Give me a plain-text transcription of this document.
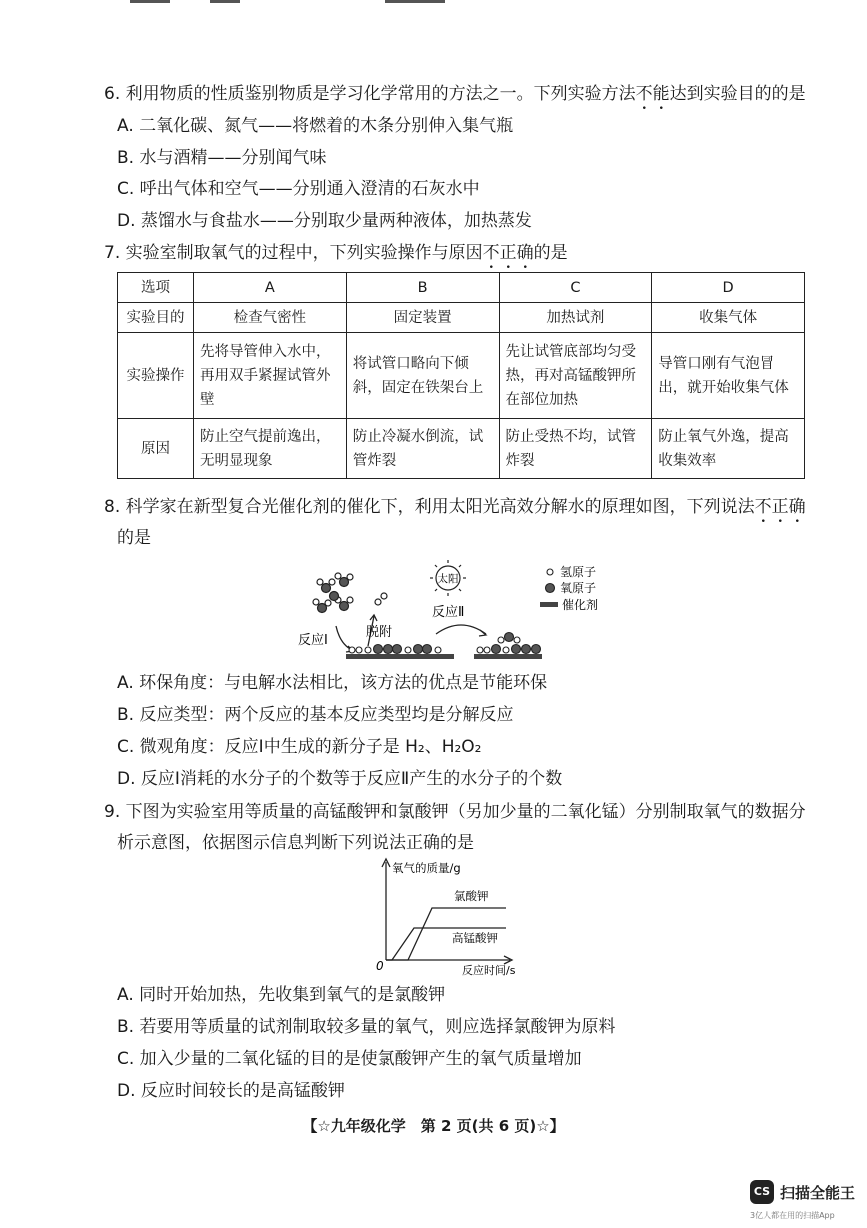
6. 利用物质的性质鉴别物质是学习化学常用的方法之一。下列实验方法不能达到实验目的的是
A. 二氧化碳、氮气——将燃着的木条分别伸入集气瓶
B. 水与酒精——分别闻气味
C. 呼出气体和空气——分别通入澄清的石灰水中
D. 蒸馏水与食盐水——分别取少量两种液体，加热蒸发
7. 实验室制取氧气的过程中，下列实验操作与原因不正确的是
选项	A	B	C	D
实验目的	检查气密性	固定装置	加热试剂	收集气体
实验操作	先将导管伸入水中，再用双手紧握试管外壁	将试管口略向下倾斜，固定在铁架台上	先让试管底部均匀受热，再对高锰酸钾所在部位加热	导管口刚有气泡冒出，就开始收集气体
原因	防止空气提前逸出，无明显现象	防止冷凝水倒流，试管炸裂	防止受热不均，试管炸裂	防止氧气外逸，提高收集效率
8. 科学家在新型复合光催化剂的催化下，利用太阳光高效分解水的原理如图，下列说法不正确
的是
反应Ⅰ
脱附
太阳
反应Ⅱ
氢原子
氧原子
催化剂
A. 环保角度：与电解水法相比，该方法的优点是节能环保
B. 反应类型：两个反应的基本反应类型均是分解反应
C. 微观角度：反应Ⅰ中生成的新分子是 H₂、H₂O₂
D. 反应Ⅰ消耗的水分子的个数等于反应Ⅱ产生的水分子的个数
9. 下图为实验室用等质量的高锰酸钾和氯酸钾（另加少量的二氧化锰）分别制取氧气的数据分
析示意图，依据图示信息判断下列说法正确的是
氧气的质量/g
反应时间/s
0
氯酸钾
高锰酸钾
A. 同时开始加热，先收集到氧气的是氯酸钾
B. 若要用等质量的试剂制取较多量的氧气，则应选择氯酸钾为原料
C. 加入少量的二氧化锰的目的是使氯酸钾产生的氧气质量增加
D. 反应时间较长的是高锰酸钾
【☆九年级化学　第 2 页(共 6 页)☆】
CS 扫描全能王
3亿人都在用的扫描App
